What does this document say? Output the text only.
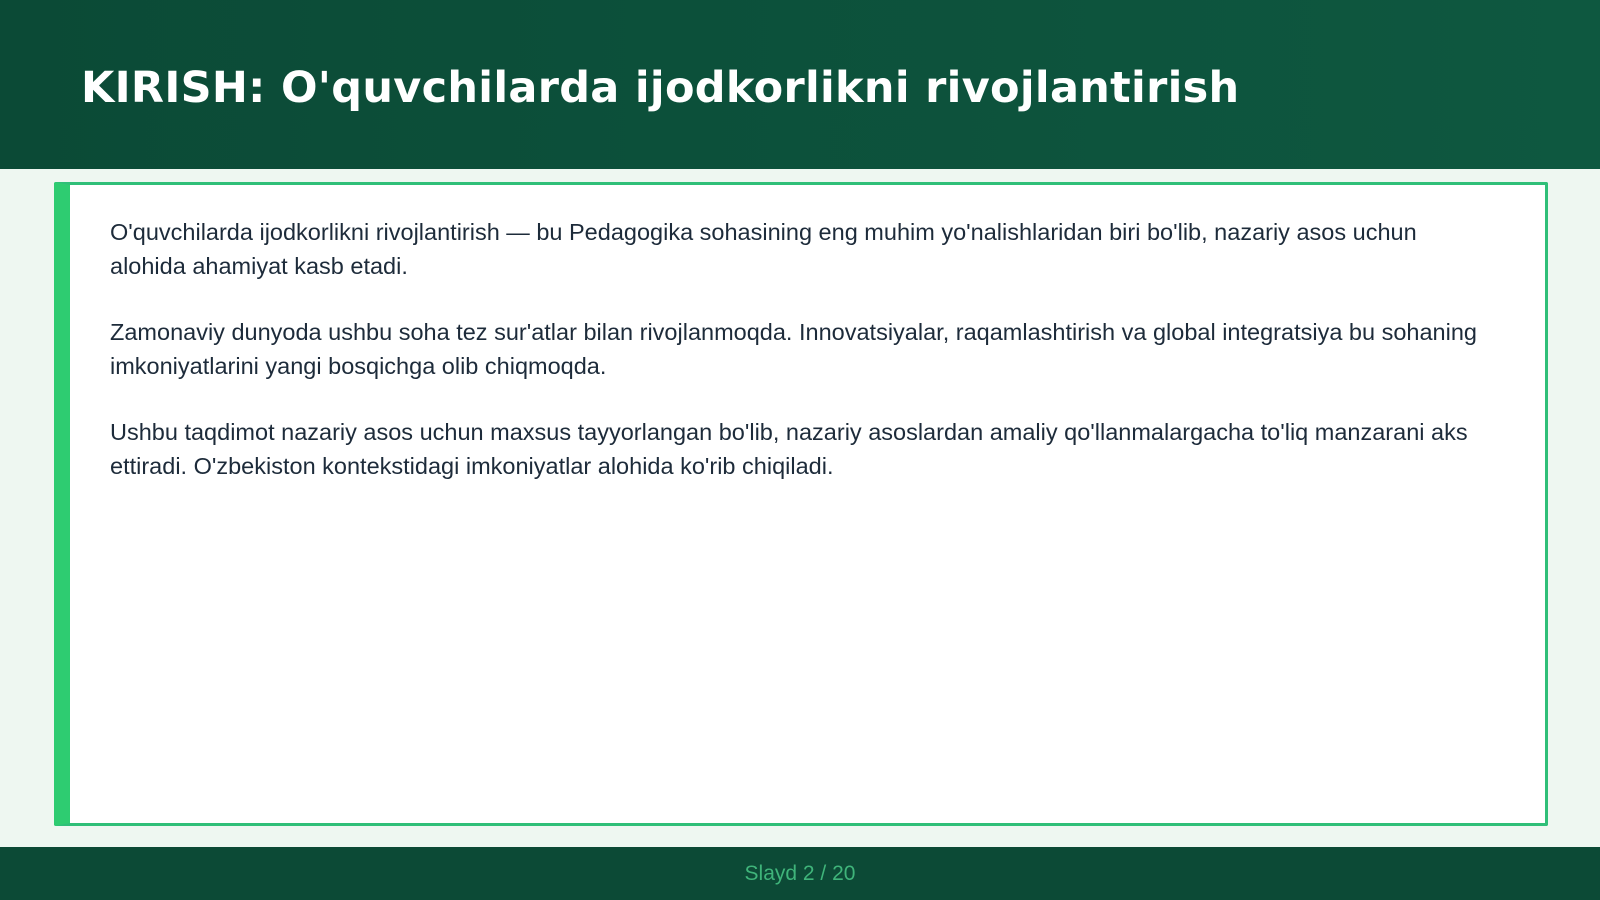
KIRISH: O'quvchilarda ijodkorlikni rivojlantirish

O'quvchilarda ijodkorlikni rivojlantirish — bu Pedagogika sohasining eng muhim yo'nalishlaridan biri bo'lib, nazariy asos uchun alohida ahamiyat kasb etadi.

Zamonaviy dunyoda ushbu soha tez sur'atlar bilan rivojlanmoqda. Innovatsiyalar, raqamlashtirish va global integratsiya bu sohaning imkoniyatlarini yangi bosqichga olib chiqmoqda.

Ushbu taqdimot nazariy asos uchun maxsus tayyorlangan bo'lib, nazariy asoslardan amaliy qo'llanmalargacha to'liq manzarani aks ettiradi. O'zbekiston kontekstidagi imkoniyatlar alohida ko'rib chiqiladi.

Slayd 2 / 20
